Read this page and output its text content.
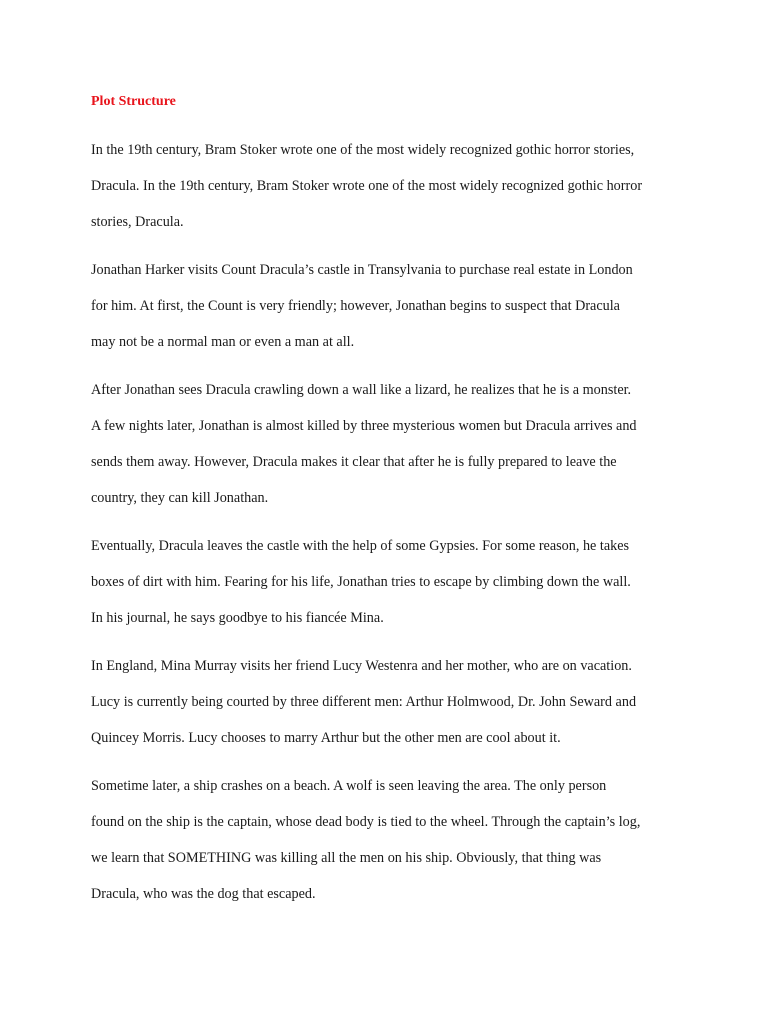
Plot Structure
In the 19th century, Bram Stoker wrote one of the most widely recognized gothic horror stories,
Dracula. In the 19th century, Bram Stoker wrote one of the most widely recognized gothic horror
stories, Dracula.
Jonathan Harker visits Count Dracula’s castle in Transylvania to purchase real estate in London
for him. At first, the Count is very friendly; however, Jonathan begins to suspect that Dracula
may not be a normal man or even a man at all.
After Jonathan sees Dracula crawling down a wall like a lizard, he realizes that he is a monster.
A few nights later, Jonathan is almost killed by three mysterious women but Dracula arrives and
sends them away. However, Dracula makes it clear that after he is fully prepared to leave the
country, they can kill Jonathan.
Eventually, Dracula leaves the castle with the help of some Gypsies. For some reason, he takes
boxes of dirt with him. Fearing for his life, Jonathan tries to escape by climbing down the wall.
In his journal, he says goodbye to his fiancée Mina.
In England, Mina Murray visits her friend Lucy Westenra and her mother, who are on vacation.
Lucy is currently being courted by three different men: Arthur Holmwood, Dr. John Seward and
Quincey Morris. Lucy chooses to marry Arthur but the other men are cool about it.
Sometime later, a ship crashes on a beach. A wolf is seen leaving the area. The only person
found on the ship is the captain, whose dead body is tied to the wheel. Through the captain’s log,
we learn that SOMETHING was killing all the men on his ship. Obviously, that thing was
Dracula, who was the dog that escaped.
